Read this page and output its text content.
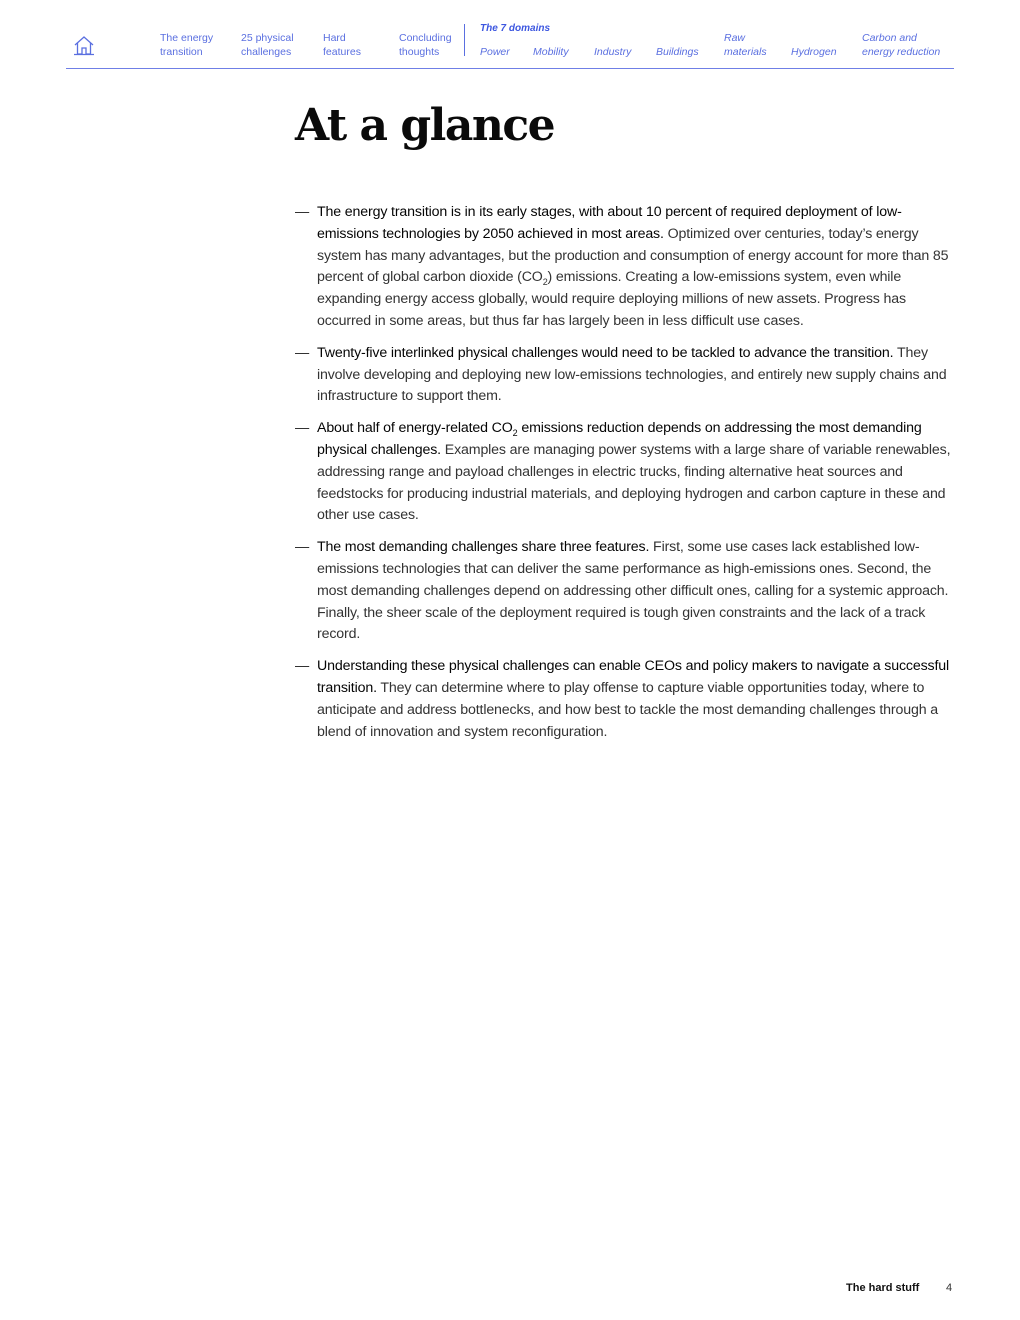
The energy
transition
25 physical
challenges
Hard
features
Concluding
thoughts
The 7 domains
Power Mobility Industry Buildings
Raw
materials Hydrogen
Carbon and
energy reduction
At a glance
— The energy transition is in its early stages, with about 10 percent of required deployment of low-emissions technologies by 2050 achieved in most areas. Optimized over centuries, today’s energy system has many advantages, but the production and consumption of energy account for more than 85 percent of global carbon dioxide $(CO_2)$ emissions. Creating a low-emissions system, even while expanding energy access globally, would require deploying millions of new assets. Progress has occurred in some areas, but thus far has largely been in less difficult use cases.
— Twenty-five interlinked physical challenges would need to be tackled to advance the transition. They involve developing and deploying new low-emissions technologies, and entirely new supply chains and infrastructure to support them.
— About half of energy-related $CO_2$ emissions reduction depends on addressing the most demanding physical challenges. Examples are managing power systems with a large share of variable renewables, addressing range and payload challenges in electric trucks, finding alternative heat sources and feedstocks for producing industrial materials, and deploying hydrogen and carbon capture in these and other use cases.
— The most demanding challenges share three features. First, some use cases lack established low-emissions technologies that can deliver the same performance as high-emissions ones. Second, the most demanding challenges depend on addressing other difficult ones, calling for a systemic approach. Finally, the sheer scale of the deployment required is tough given constraints and the lack of a track record.
— Understanding these physical challenges can enable CEOs and policy makers to navigate a successful transition. They can determine where to play offense to capture viable opportunities today, where to anticipate and address bottlenecks, and how best to tackle the most demanding challenges through a blend of innovation and system reconfiguration.
The hard stuff 4
